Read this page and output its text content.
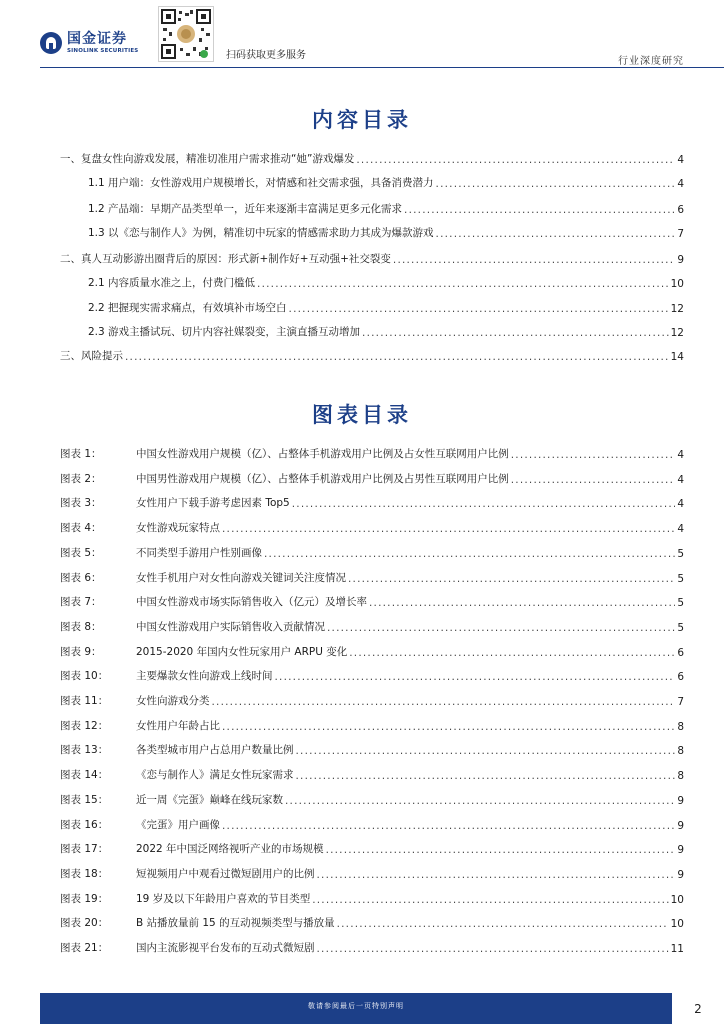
国金证券
SINOLINK SECURITIES	扫码获取更多服务
行业深度研究
内容目录
一、复盘女性向游戏发展，精准切准用户需求推动“她”游戏爆发 .....	4
1.1 用户端：女性游戏用户规模增长，对情感和社交需求强，具备消费潜力 .....	4
1.2 产品端：早期产品类型单一，近年来逐渐丰富满足更多元化需求 .....	6
1.3 以《恋与制作人》为例，精准切中玩家的情感需求助力其成为爆款游戏 .....	7
二、真人互动影游出圈背后的原因：形式新+制作好+互动强+社交裂变 .....	9
2.1 内容质量水准之上，付费门槛低 .....	10
2.2 把握现实需求痛点，有效填补市场空白 .....	12
2.3 游戏主播试玩、切片内容社媒裂变，主演直播互动增加 .....	12
三、风险提示 .....	14
图表目录
图表 1：	中国女性游戏用户规模（亿）、占整体手机游戏用户比例及占女性互联网用户比例 .....	4
图表 2：	中国男性游戏用户规模（亿）、占整体手机游戏用户比例及占男性互联网用户比例 .....	4
图表 3：	女性用户下载手游考虑因素 Top5 .....	4
图表 4：	女性游戏玩家特点 .....	4
图表 5：	不同类型手游用户性别画像 .....	5
图表 6：	女性手机用户对女性向游戏关键词关注度情况 .....	5
图表 7：	中国女性游戏市场实际销售收入（亿元）及增长率 .....	5
图表 8：	中国女性游戏用户实际销售收入贡献情况 .....	5
图表 9：	2015-2020 年国内女性玩家用户 ARPU 变化 .....	6
图表 10：	主要爆款女性向游戏上线时间 .....	6
图表 11：	女性向游戏分类 .....	7
图表 12：	女性用户年龄占比 .....	8
图表 13：	各类型城市用户占总用户数量比例 .....	8
图表 14：	《恋与制作人》满足女性玩家需求 .....	8
图表 15：	近一周《完蛋》巅峰在线玩家数 .....	9
图表 16：	《完蛋》用户画像 .....	9
图表 17：	2022 年中国泛网络视听产业的市场规模 .....	9
图表 18：	短视频用户中观看过微短剧用户的比例 .....	9
图表 19：	19 岁及以下年龄用户喜欢的节目类型 .....	10
图表 20：	B 站播放量前 15 的互动视频类型与播放量 .....	10
图表 21：	国内主流影视平台发布的互动式微短剧 .....	11
敬请参阅最后一页特别声明	2
